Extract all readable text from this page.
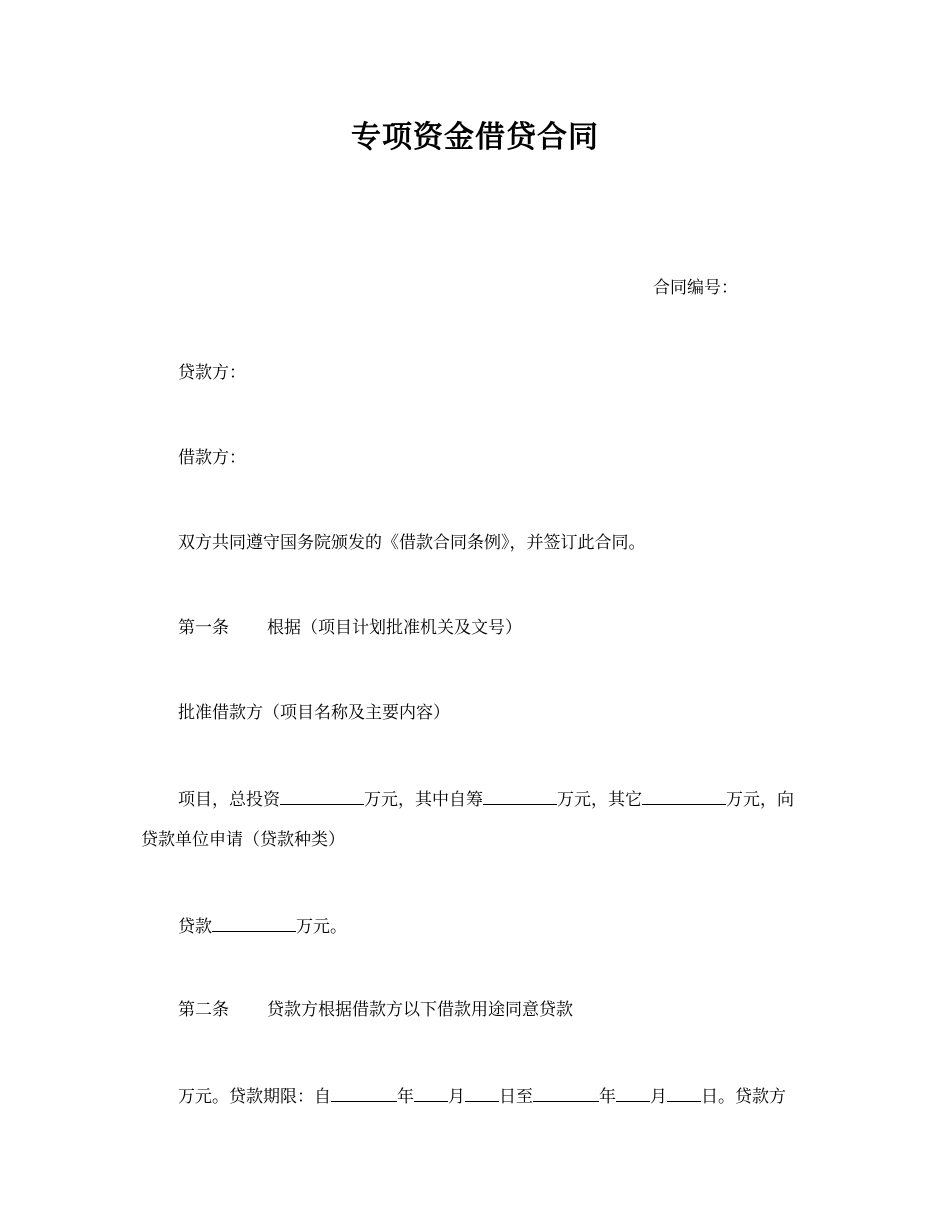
专项资金借贷合同
合同编号：
贷款方：
借款方：
双方共同遵守国务院颁发的《借款合同条例》，并签订此合同。
第一条 根据（项目计划批准机关及文号）
批准借款方（项目名称及主要内容）
项目，总投资	万元，其中自筹	万元，其它	万元，向
贷款单位申请（贷款种类）
贷款	万元。
第二条 贷款方根据借款方以下借款用途同意贷款
万元。贷款期限：自	年 月 日至	年 月 日。贷款方
